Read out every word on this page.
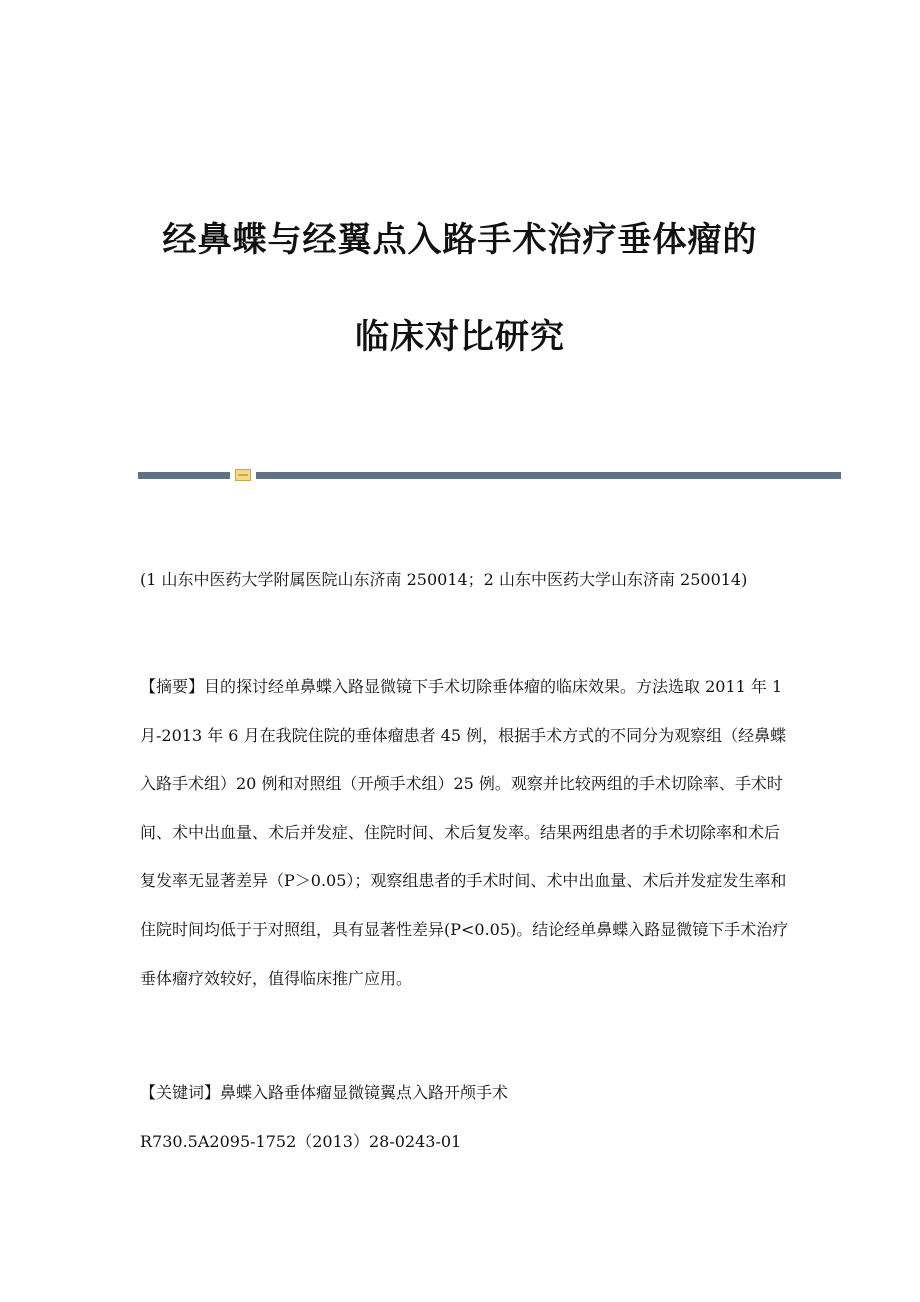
经鼻蝶与经翼点入路手术治疗垂体瘤的
临床对比研究
(1 山东中医药大学附属医院山东济南 250014；2 山东中医药大学山东济南 250014)
【摘要】目的探讨经单鼻蝶入路显微镜下手术切除垂体瘤的临床效果。方法选取 2011 年 1 月-2013 年 6 月在我院住院的垂体瘤患者 45 例，根据手术方式的不同分为观察组（经鼻蝶入路手术组）20 例和对照组（开颅手术组）25 例。观察并比较两组的手术切除率、手术时间、术中出血量、术后并发症、住院时间、术后复发率。结果两组患者的手术切除率和术后复发率无显著差异（P＞0.05）；观察组患者的手术时间、术中出血量、术后并发症发生率和住院时间均低于于对照组，具有显著性差异(P<0.05)。结论经单鼻蝶入路显微镜下手术治疗垂体瘤疗效较好，值得临床推广应用。
【关键词】鼻蝶入路垂体瘤显微镜翼点入路开颅手术
R730.5A2095-1752（2013）28-0243-01
